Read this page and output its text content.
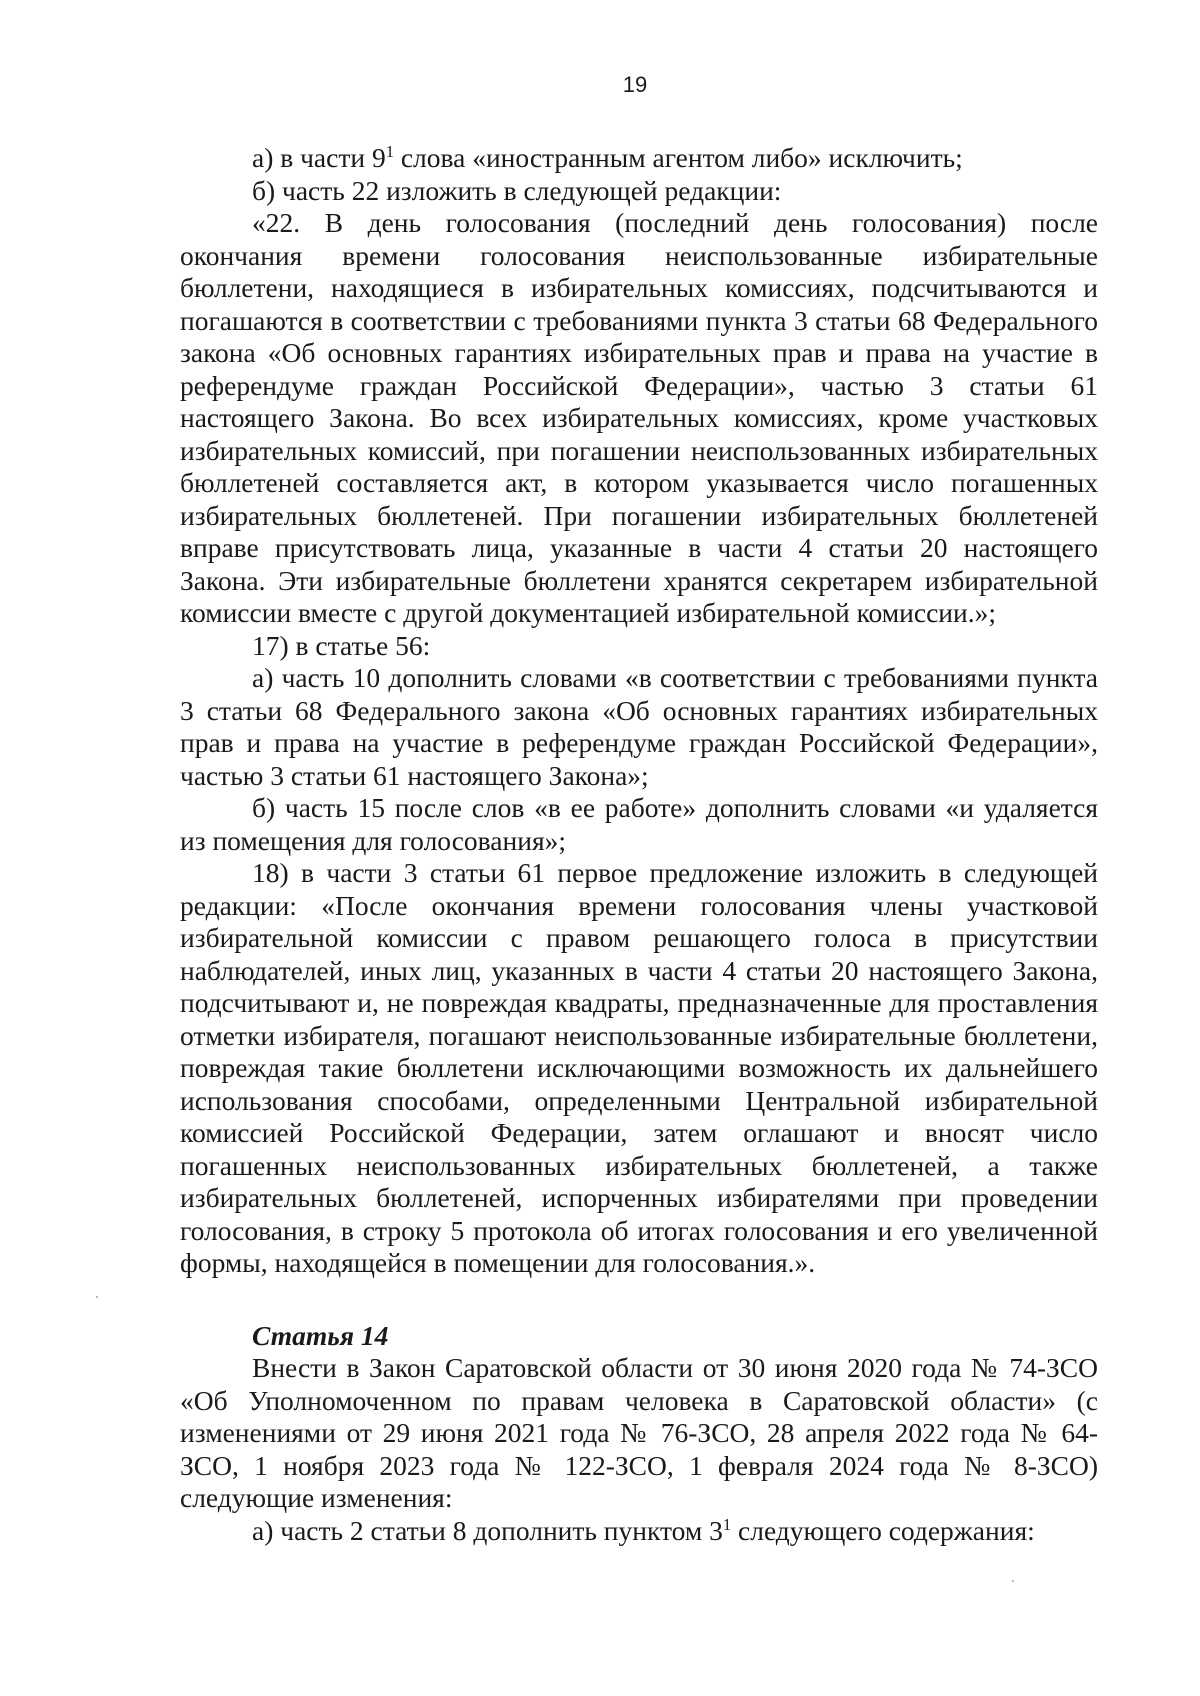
19

а) в части $9^1$ слова «иностранным агентом либо» исключить;

б) часть 22 изложить в следующей редакции:

«22. В день голосования (последний день голосования) после окончания времени голосования неиспользованные избирательные бюллетени, находящиеся в избирательных комиссиях, подсчитываются и погашаются в соответствии с требованиями пункта 3 статьи 68 Федерального закона «Об основных гарантиях избирательных прав и права на участие в референдуме граждан Российской Федерации», частью 3 статьи 61 настоящего Закона. Во всех избирательных комиссиях, кроме участковых избирательных комиссий, при погашении неиспользованных избирательных бюллетеней составляется акт, в котором указывается число погашенных избирательных бюллетеней. При погашении избирательных бюллетеней вправе присутствовать лица, указанные в части 4 статьи 20 настоящего Закона. Эти избирательные бюллетени хранятся секретарем избирательной комиссии вместе с другой документацией избирательной комиссии.»;

17) в статье 56:

а) часть 10 дополнить словами «в соответствии с требованиями пункта 3 статьи 68 Федерального закона «Об основных гарантиях избирательных прав и права на участие в референдуме граждан Российской Федерации», частью 3 статьи 61 настоящего Закона»;

б) часть 15 после слов «в ее работе» дополнить словами «и удаляется из помещения для голосования»;

18) в части 3 статьи 61 первое предложение изложить в следующей редакции: «После окончания времени голосования члены участковой избирательной комиссии с правом решающего голоса в присутствии наблюдателей, иных лиц, указанных в части 4 статьи 20 настоящего Закона, подсчитывают и, не повреждая квадраты, предназначенные для проставления отметки избирателя, погашают неиспользованные избирательные бюллетени, повреждая такие бюллетени исключающими возможность их дальнейшего использования способами, определенными Центральной избирательной комиссией Российской Федерации, затем оглашают и вносят число погашенных неиспользованных избирательных бюллетеней, а также избирательных бюллетеней, испорченных избирателями при проведении голосования, в строку 5 протокола об итогах голосования и его увеличенной формы, находящейся в помещении для голосования.».

Статья 14

Внести в Закон Саратовской области от 30 июня 2020 года № 74-ЗСО «Об Уполномоченном по правам человека в Саратовской области» (с изменениями от 29 июня 2021 года № 76-ЗСО, 28 апреля 2022 года № 64-ЗСО, 1 ноября 2023 года № 122-ЗСО, 1 февраля 2024 года № 8-ЗСО) следующие изменения:

а) часть 2 статьи 8 дополнить пунктом $3^1$ следующего содержания:
